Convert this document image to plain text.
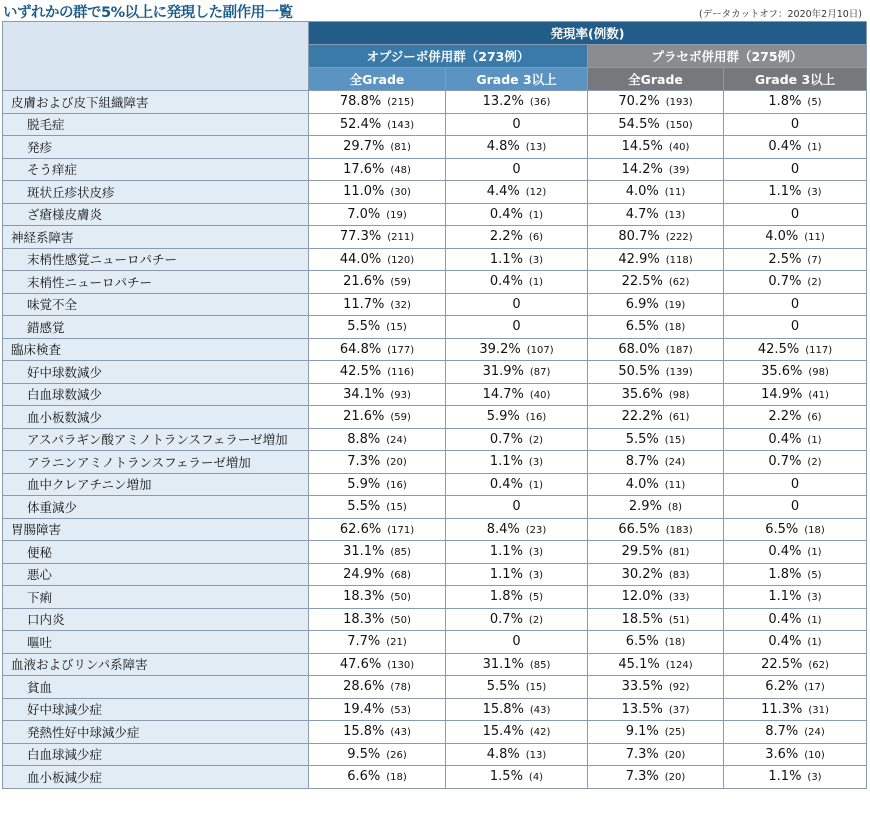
いずれかの群で5%以上に発現した副作用一覧	(データカットオフ：2020年2月10日)
	発現率(例数)			
	オプジーボ併用群（273例）		プラセボ併用群（275例）	
	全Grade	Grade 3以上	全Grade	Grade 3以上
皮膚および皮下組織障害	78.8% (215)	13.2% (36)	70.2% (193)	1.8% (5)
脱毛症	52.4% (143)	0	54.5% (150)	0
発疹	29.7% (81)	4.8% (13)	14.5% (40)	0.4% (1)
そう痒症	17.6% (48)	0	14.2% (39)	0
斑状丘疹状皮疹	11.0% (30)	4.4% (12)	4.0% (11)	1.1% (3)
ざ瘡様皮膚炎	7.0% (19)	0.4% (1)	4.7% (13)	0
神経系障害	77.3% (211)	2.2% (6)	80.7% (222)	4.0% (11)
末梢性感覚ニューロパチー	44.0% (120)	1.1% (3)	42.9% (118)	2.5% (7)
末梢性ニューロパチー	21.6% (59)	0.4% (1)	22.5% (62)	0.7% (2)
味覚不全	11.7% (32)	0	6.9% (19)	0
錯感覚	5.5% (15)	0	6.5% (18)	0
臨床検査	64.8% (177)	39.2% (107)	68.0% (187)	42.5% (117)
好中球数減少	42.5% (116)	31.9% (87)	50.5% (139)	35.6% (98)
白血球数減少	34.1% (93)	14.7% (40)	35.6% (98)	14.9% (41)
血小板数減少	21.6% (59)	5.9% (16)	22.2% (61)	2.2% (6)
アスパラギン酸アミノトランスフェラーゼ増加	8.8% (24)	0.7% (2)	5.5% (15)	0.4% (1)
アラニンアミノトランスフェラーゼ増加	7.3% (20)	1.1% (3)	8.7% (24)	0.7% (2)
血中クレアチニン増加	5.9% (16)	0.4% (1)	4.0% (11)	0
体重減少	5.5% (15)	0	2.9% (8)	0
胃腸障害	62.6% (171)	8.4% (23)	66.5% (183)	6.5% (18)
便秘	31.1% (85)	1.1% (3)	29.5% (81)	0.4% (1)
悪心	24.9% (68)	1.1% (3)	30.2% (83)	1.8% (5)
下痢	18.3% (50)	1.8% (5)	12.0% (33)	1.1% (3)
口内炎	18.3% (50)	0.7% (2)	18.5% (51)	0.4% (1)
嘔吐	7.7% (21)	0	6.5% (18)	0.4% (1)
血液およびリンパ系障害	47.6% (130)	31.1% (85)	45.1% (124)	22.5% (62)
貧血	28.6% (78)	5.5% (15)	33.5% (92)	6.2% (17)
好中球減少症	19.4% (53)	15.8% (43)	13.5% (37)	11.3% (31)
発熱性好中球減少症	15.8% (43)	15.4% (42)	9.1% (25)	8.7% (24)
白血球減少症	9.5% (26)	4.8% (13)	7.3% (20)	3.6% (10)
血小板減少症	6.6% (18)	1.5% (4)	7.3% (20)	1.1% (3)
